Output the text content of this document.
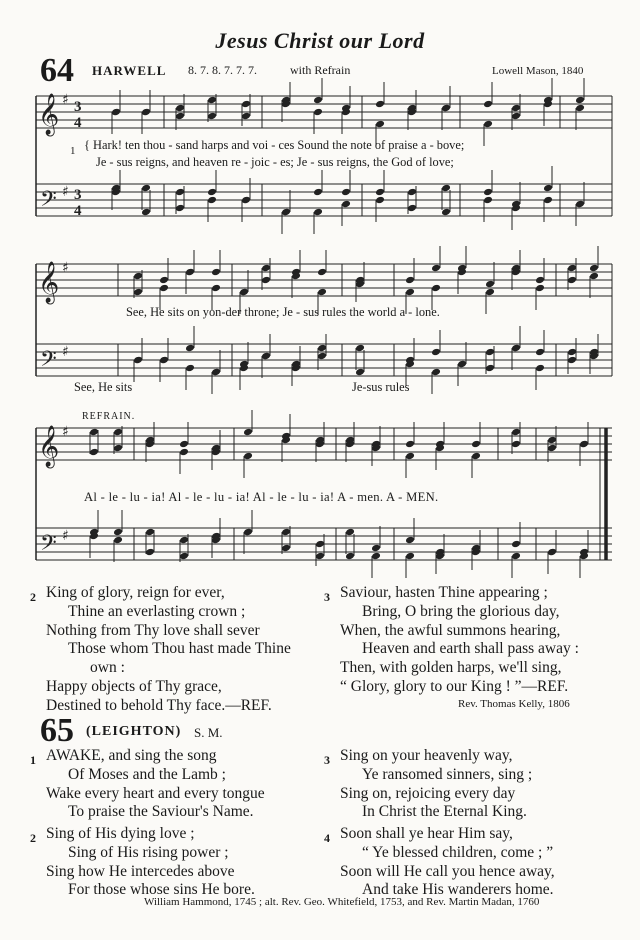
Jesus Christ our Lord
64 HARWELL 8. 7. 8. 7. 7. 7.	with Refrain	Lowell Mason, 1840
𝄞
𝄢
𝄞
𝄢
𝄞
𝄢
♯
♯
♯
♯
♯
♯
3
4
3
4
1 { Hark! ten thou - sand harps and voi - ces Sound the note of praise a - bove;
Je - sus reigns, and heaven re - joic - es; Je - sus reigns, the God of love;
See, He sits on yon-der throne; Je - sus rules the world a - lone.
See, He sits	Je-sus rules
REFRAIN.
Al - le - lu - ia! Al - le - lu - ia! Al - le - lu - ia! A - men. A - MEN.
2 King of glory, reign for ever,
Thine an everlasting crown ;
Nothing from Thy love shall sever
Those whom Thou hast made Thine
own :
Happy objects of Thy grace,
Destined to behold Thy face.—REF.
3 Saviour, hasten Thine appearing ;
Bring, O bring the glorious day,
When, the awful summons hearing,
Heaven and earth shall pass away :
Then, with golden harps, we'll sing,
“ Glory, glory to our King ! ”—REF.
Rev. Thomas Kelly, 1806
65 (LEIGHTON) S. M.
1 AWAKE, and sing the song
Of Moses and the Lamb ;
Wake every heart and every tongue
To praise the Saviour's Name.
2 Sing of His dying love ;
Sing of His rising power ;
Sing how He intercedes above
For those whose sins He bore.
3 Sing on your heavenly way,
Ye ransomed sinners, sing ;
Sing on, rejoicing every day
In Christ the Eternal King.
4 Soon shall ye hear Him say,
“ Ye blessed children, come ; ”
Soon will He call you hence away,
And take His wanderers home.
William Hammond, 1745 ; alt. Rev. Geo. Whitefield, 1753, and Rev. Martin Madan, 1760
